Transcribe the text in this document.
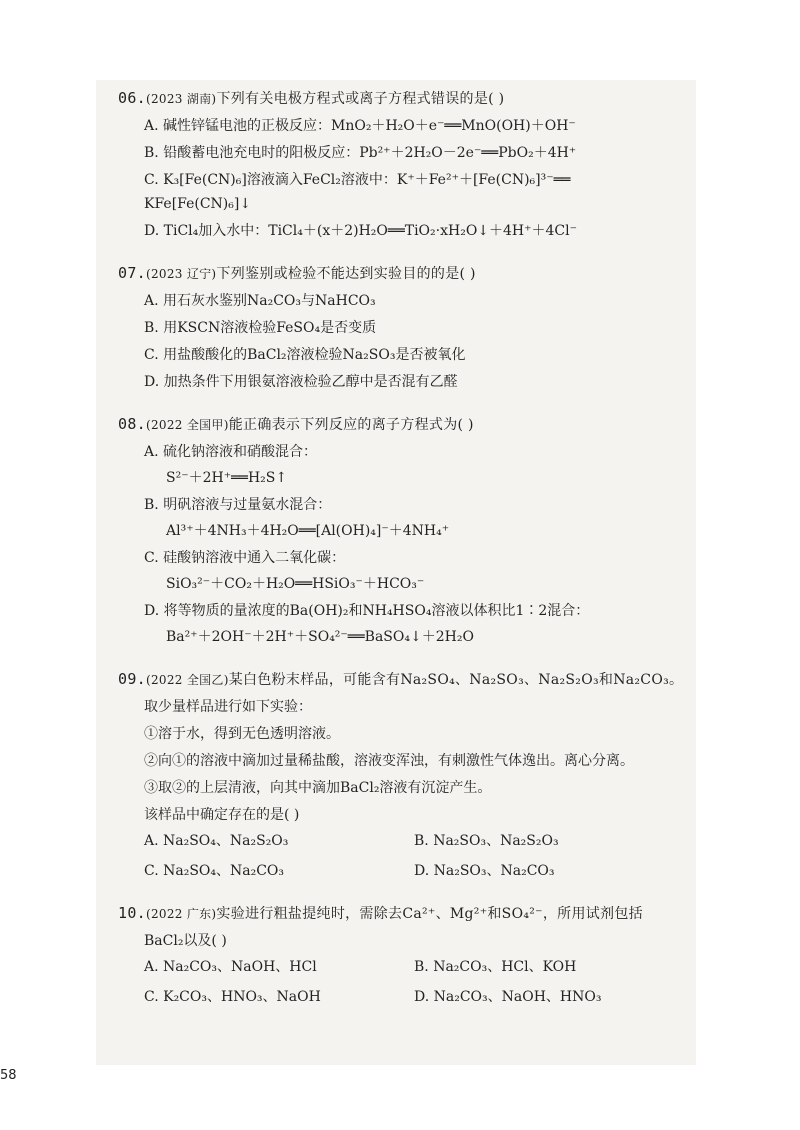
06.(2023 湖南)下列有关电极方程式或离子方程式错误的是( )

A. 碱性锌锰电池的正极反应：MnO₂＋H₂O＋e⁻══MnO(OH)＋OH⁻

B. 铅酸蓄电池充电时的阳极反应：Pb²⁺＋2H₂O－2e⁻══PbO₂＋4H⁺

C. K₃[Fe(CN)₆]溶液滴入FeCl₂溶液中：K⁺＋Fe²⁺＋[Fe(CN)₆]³⁻══

KFe[Fe(CN)₆]↓

D. TiCl₄加入水中：TiCl₄＋(x＋2)H₂O══TiO₂·xH₂O↓＋4H⁺＋4Cl⁻

07.(2023 辽宁)下列鉴别或检验不能达到实验目的的是( )

A. 用石灰水鉴别Na₂CO₃与NaHCO₃

B. 用KSCN溶液检验FeSO₄是否变质

C. 用盐酸酸化的BaCl₂溶液检验Na₂SO₃是否被氧化

D. 加热条件下用银氨溶液检验乙醇中是否混有乙醛

08.(2022 全国甲)能正确表示下列反应的离子方程式为( )

A. 硫化钠溶液和硝酸混合：

S²⁻＋2H⁺══H₂S↑

B. 明矾溶液与过量氨水混合：

Al³⁺＋4NH₃＋4H₂O══[Al(OH)₄]⁻＋4NH₄⁺

C. 硅酸钠溶液中通入二氧化碳：

SiO₃²⁻＋CO₂＋H₂O══HSiO₃⁻＋HCO₃⁻

D. 将等物质的量浓度的Ba(OH)₂和NH₄HSO₄溶液以体积比1∶2混合：

Ba²⁺＋2OH⁻＋2H⁺＋SO₄²⁻══BaSO₄↓＋2H₂O

09.(2022 全国乙)某白色粉末样品，可能含有Na₂SO₄、Na₂SO₃、Na₂S₂O₃和Na₂CO₃。

取少量样品进行如下实验：

①溶于水，得到无色透明溶液。

②向①的溶液中滴加过量稀盐酸，溶液变浑浊，有刺激性气体逸出。离心分离。

③取②的上层清液，向其中滴加BaCl₂溶液有沉淀产生。

该样品中确定存在的是( )

A. Na₂SO₄、Na₂S₂O₃	B. Na₂SO₃、Na₂S₂O₃
C. Na₂SO₄、Na₂CO₃	D. Na₂SO₃、Na₂CO₃

10.(2022 广东)实验进行粗盐提纯时，需除去Ca²⁺、Mg²⁺和SO₄²⁻，所用试剂包括

BaCl₂以及( )

A. Na₂CO₃、NaOH、HCl	B. Na₂CO₃、HCl、KOH
C. K₂CO₃、HNO₃、NaOH	D. Na₂CO₃、NaOH、HNO₃
58
